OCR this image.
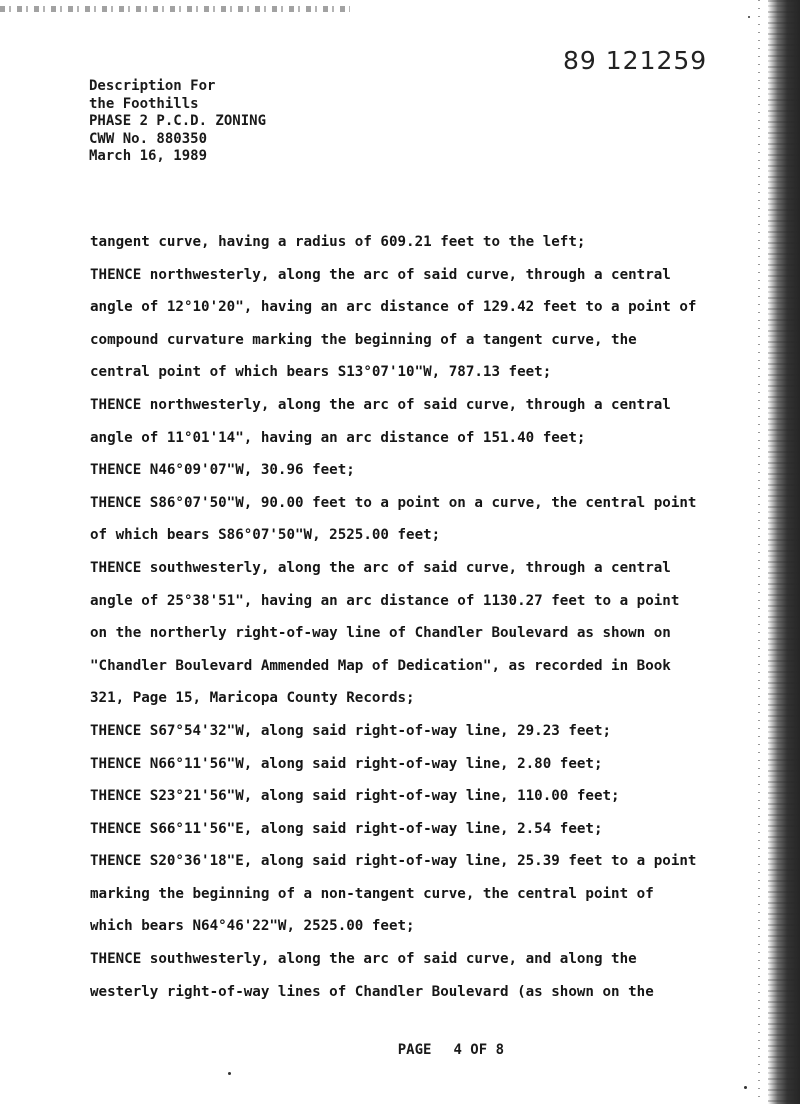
89 121259
Description For
the Foothills
PHASE 2 P.C.D. ZONING
CWW No. 880350
March 16, 1989
tangent curve, having a radius of 609.21 feet to the left;
THENCE northwesterly, along the arc of said curve, through a central
angle of 12°10'20", having an arc distance of 129.42 feet to a point of
compound curvature marking the beginning of a tangent curve, the
central point of which bears S13°07'10"W, 787.13 feet;
THENCE northwesterly, along the arc of said curve, through a central
angle of 11°01'14", having an arc distance of 151.40 feet;
THENCE N46°09'07"W, 30.96 feet;
THENCE S86°07'50"W, 90.00 feet to a point on a curve, the central point
of which bears S86°07'50"W, 2525.00 feet;
THENCE southwesterly, along the arc of said curve, through a central
angle of 25°38'51", having an arc distance of 1130.27 feet to a point
on the northerly right-of-way line of Chandler Boulevard as shown on
"Chandler Boulevard Ammended Map of Dedication", as recorded in Book
321, Page 15, Maricopa County Records;
THENCE S67°54'32"W, along said right-of-way line, 29.23 feet;
THENCE N66°11'56"W, along said right-of-way line, 2.80 feet;
THENCE S23°21'56"W, along said right-of-way line, 110.00 feet;
THENCE S66°11'56"E, along said right-of-way line, 2.54 feet;
THENCE S20°36'18"E, along said right-of-way line, 25.39 feet to a point
marking the beginning of a non-tangent curve, the central point of
which bears N64°46'22"W, 2525.00 feet;
THENCE southwesterly, along the arc of said curve, and along the
westerly right-of-way lines of Chandler Boulevard (as shown on the

PAGE 4 OF 8
